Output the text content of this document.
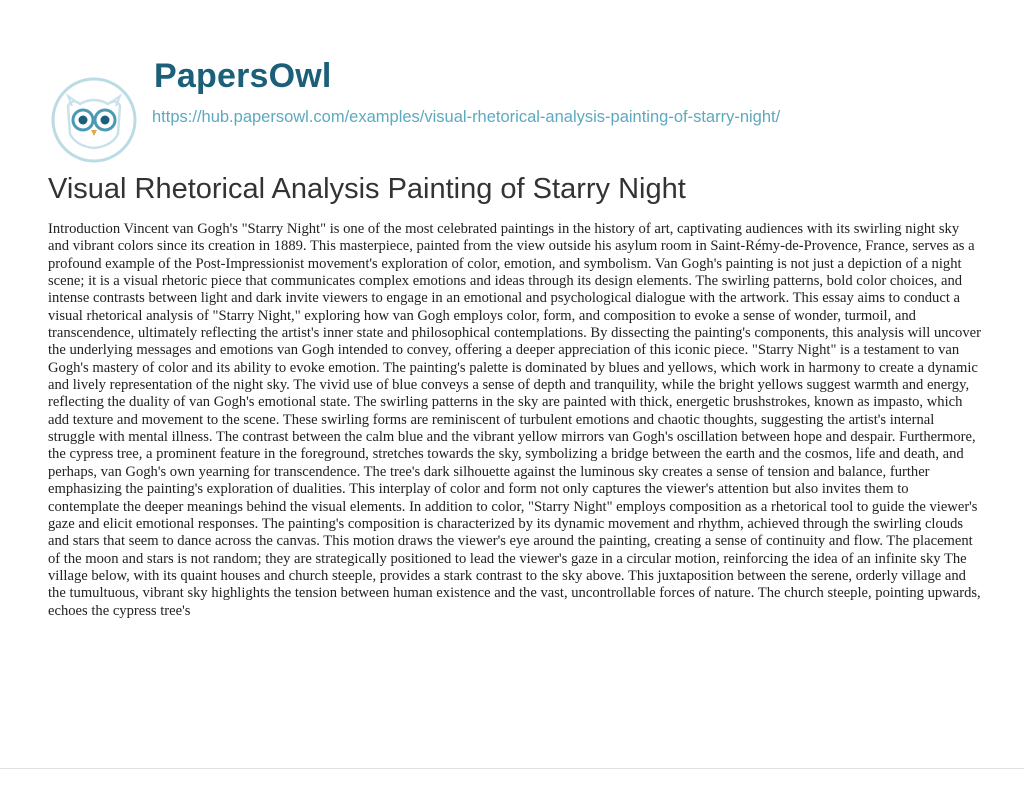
PapersOwl
https://hub.papersowl.com/examples/visual-rhetorical-analysis-painting-of-starry-night/
Visual Rhetorical Analysis Painting of Starry Night

Introduction Vincent van Gogh's "Starry Night" is one of the most celebrated paintings in the history of art, captivating audiences with its swirling night sky and vibrant colors since its creation in 1889. This masterpiece, painted from the view outside his asylum room in Saint-Rémy-de-Provence, France, serves as a profound example of the Post-Impressionist movement's exploration of color, emotion, and symbolism. Van Gogh's painting is not just a depiction of a night scene; it is a visual rhetoric piece that communicates complex emotions and ideas through its design elements. The swirling patterns, bold color choices, and intense contrasts between light and dark invite viewers to engage in an emotional and psychological dialogue with the artwork. This essay aims to conduct a visual rhetorical analysis of "Starry Night," exploring how van Gogh employs color, form, and composition to evoke a sense of wonder, turmoil, and transcendence, ultimately reflecting the artist's inner state and philosophical contemplations. By dissecting the painting's components, this analysis will uncover the underlying messages and emotions van Gogh intended to convey, offering a deeper appreciation of this iconic piece. "Starry Night" is a testament to van Gogh's mastery of color and its ability to evoke emotion. The painting's palette is dominated by blues and yellows, which work in harmony to create a dynamic and lively representation of the night sky. The vivid use of blue conveys a sense of depth and tranquility, while the bright yellows suggest warmth and energy, reflecting the duality of van Gogh's emotional state. The swirling patterns in the sky are painted with thick, energetic brushstrokes, known as impasto, which add texture and movement to the scene. These swirling forms are reminiscent of turbulent emotions and chaotic thoughts, suggesting the artist's internal struggle with mental illness. The contrast between the calm blue and the vibrant yellow mirrors van Gogh's oscillation between hope and despair. Furthermore, the cypress tree, a prominent feature in the foreground, stretches towards the sky, symbolizing a bridge between the earth and the cosmos, life and death, and perhaps, van Gogh's own yearning for transcendence. The tree's dark silhouette against the luminous sky creates a sense of tension and balance, further emphasizing the painting's exploration of dualities. This interplay of color and form not only captures the viewer's attention but also invites them to contemplate the deeper meanings behind the visual elements. In addition to color, "Starry Night" employs composition as a rhetorical tool to guide the viewer's gaze and elicit emotional responses. The painting's composition is characterized by its dynamic movement and rhythm, achieved through the swirling clouds and stars that seem to dance across the canvas. This motion draws the viewer's eye around the painting, creating a sense of continuity and flow. The placement of the moon and stars is not random; they are strategically positioned to lead the viewer's gaze in a circular motion, reinforcing the idea of an infinite sky The village below, with its quaint houses and church steeple, provides a stark contrast to the sky above. This juxtaposition between the serene, orderly village and the tumultuous, vibrant sky highlights the tension between human existence and the vast, uncontrollable forces of nature. The church steeple, pointing upwards, echoes the cypress tree's
